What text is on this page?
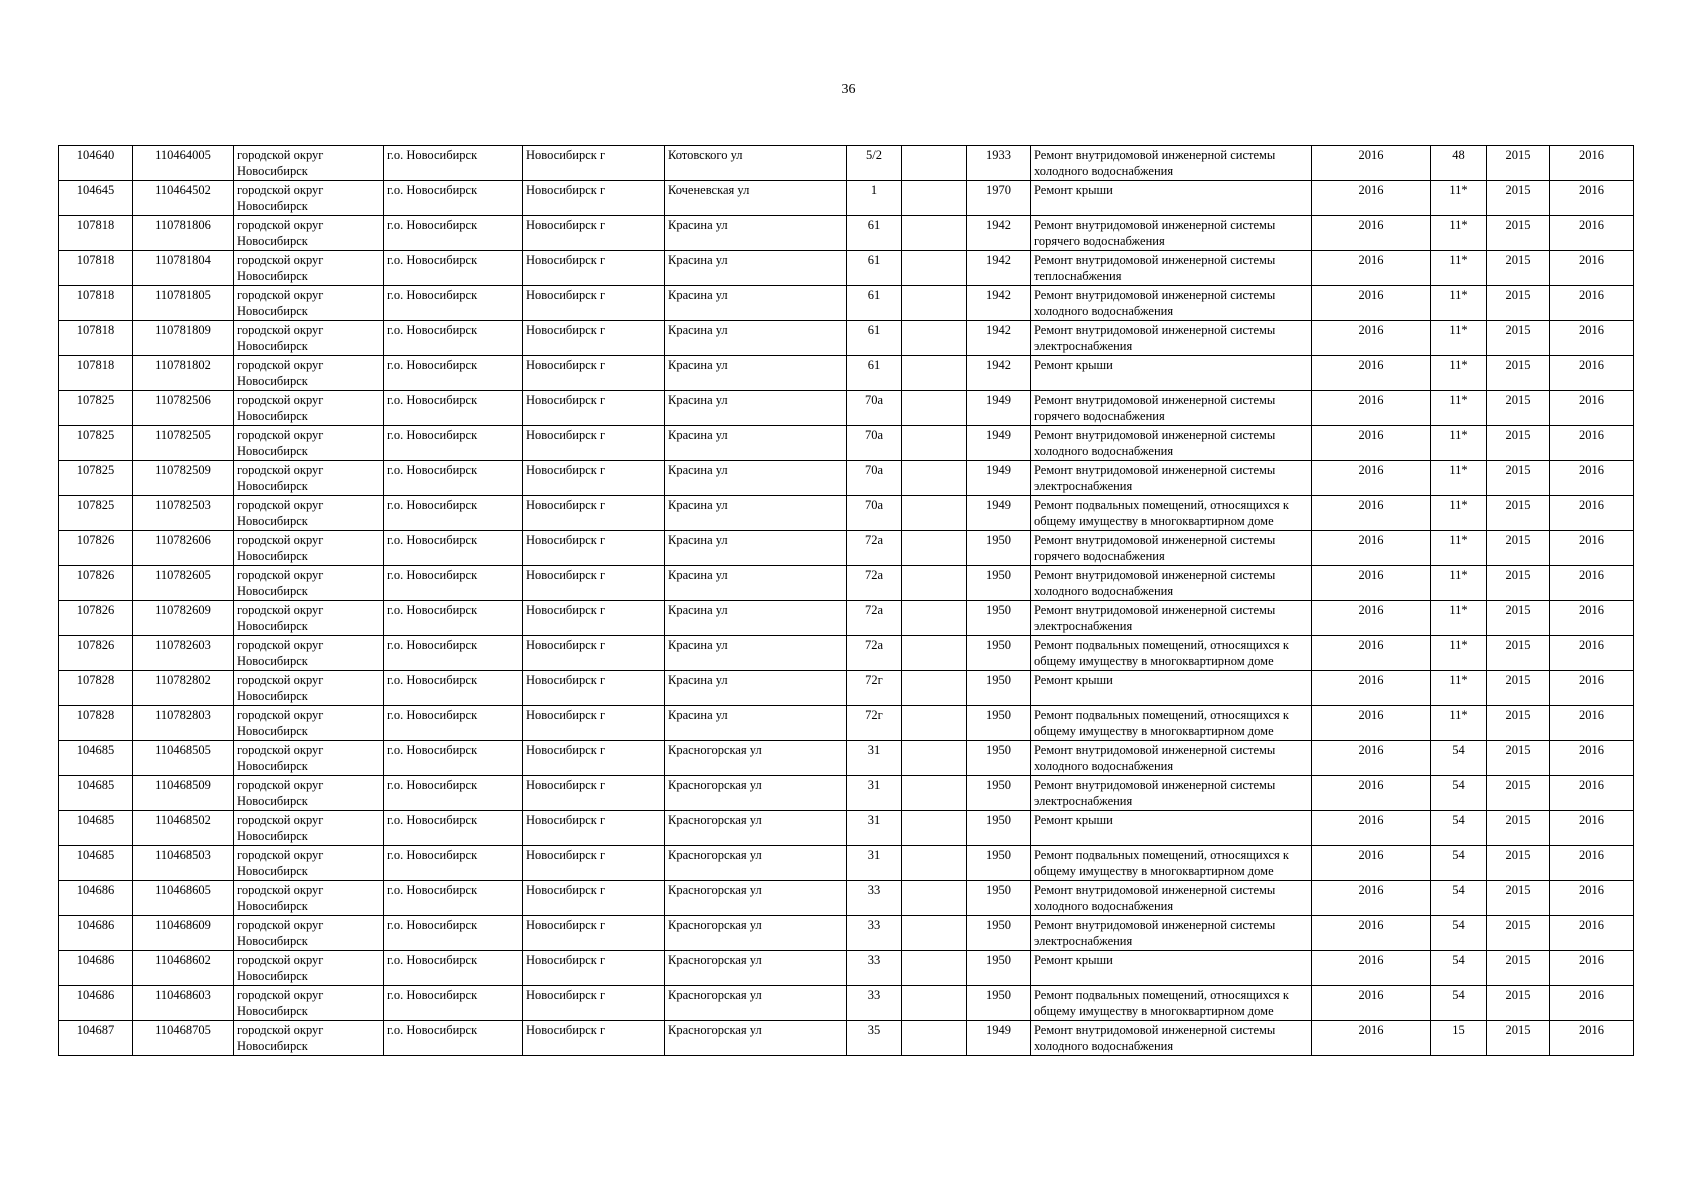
36
104640	110464005	городской округ Новосибирск	г.о. Новосибирск	Новосибирск г	Котовского ул	5/2		1933	Ремонт внутридомовой инженерной системы холодного водоснабжения	2016	48	2015	2016
104645	110464502	городской округ Новосибирск	г.о. Новосибирск	Новосибирск г	Коченевская ул	1		1970	Ремонт крыши	2016	11*	2015	2016
107818	110781806	городской округ Новосибирск	г.о. Новосибирск	Новосибирск г	Красина ул	61		1942	Ремонт внутридомовой инженерной системы горячего водоснабжения	2016	11*	2015	2016
107818	110781804	городской округ Новосибирск	г.о. Новосибирск	Новосибирск г	Красина ул	61		1942	Ремонт внутридомовой инженерной системы теплоснабжения	2016	11*	2015	2016
107818	110781805	городской округ Новосибирск	г.о. Новосибирск	Новосибирск г	Красина ул	61		1942	Ремонт внутридомовой инженерной системы холодного водоснабжения	2016	11*	2015	2016
107818	110781809	городской округ Новосибирск	г.о. Новосибирск	Новосибирск г	Красина ул	61		1942	Ремонт внутридомовой инженерной системы электроснабжения	2016	11*	2015	2016
107818	110781802	городской округ Новосибирск	г.о. Новосибирск	Новосибирск г	Красина ул	61		1942	Ремонт крыши	2016	11*	2015	2016
107825	110782506	городской округ Новосибирск	г.о. Новосибирск	Новосибирск г	Красина ул	70а		1949	Ремонт внутридомовой инженерной системы горячего водоснабжения	2016	11*	2015	2016
107825	110782505	городской округ Новосибирск	г.о. Новосибирск	Новосибирск г	Красина ул	70а		1949	Ремонт внутридомовой инженерной системы холодного водоснабжения	2016	11*	2015	2016
107825	110782509	городской округ Новосибирск	г.о. Новосибирск	Новосибирск г	Красина ул	70а		1949	Ремонт внутридомовой инженерной системы электроснабжения	2016	11*	2015	2016
107825	110782503	городской округ Новосибирск	г.о. Новосибирск	Новосибирск г	Красина ул	70а		1949	Ремонт подвальных помещений, относящихся к общему имуществу в многоквартирном доме	2016	11*	2015	2016
107826	110782606	городской округ Новосибирск	г.о. Новосибирск	Новосибирск г	Красина ул	72а		1950	Ремонт внутридомовой инженерной системы горячего водоснабжения	2016	11*	2015	2016
107826	110782605	городской округ Новосибирск	г.о. Новосибирск	Новосибирск г	Красина ул	72а		1950	Ремонт внутридомовой инженерной системы холодного водоснабжения	2016	11*	2015	2016
107826	110782609	городской округ Новосибирск	г.о. Новосибирск	Новосибирск г	Красина ул	72а		1950	Ремонт внутридомовой инженерной системы электроснабжения	2016	11*	2015	2016
107826	110782603	городской округ Новосибирск	г.о. Новосибирск	Новосибирск г	Красина ул	72а		1950	Ремонт подвальных помещений, относящихся к общему имуществу в многоквартирном доме	2016	11*	2015	2016
107828	110782802	городской округ Новосибирск	г.о. Новосибирск	Новосибирск г	Красина ул	72г		1950	Ремонт крыши	2016	11*	2015	2016
107828	110782803	городской округ Новосибирск	г.о. Новосибирск	Новосибирск г	Красина ул	72г		1950	Ремонт подвальных помещений, относящихся к общему имуществу в многоквартирном доме	2016	11*	2015	2016
104685	110468505	городской округ Новосибирск	г.о. Новосибирск	Новосибирск г	Красногорская ул	31		1950	Ремонт внутридомовой инженерной системы холодного водоснабжения	2016	54	2015	2016
104685	110468509	городской округ Новосибирск	г.о. Новосибирск	Новосибирск г	Красногорская ул	31		1950	Ремонт внутридомовой инженерной системы электроснабжения	2016	54	2015	2016
104685	110468502	городской округ Новосибирск	г.о. Новосибирск	Новосибирск г	Красногорская ул	31		1950	Ремонт крыши	2016	54	2015	2016
104685	110468503	городской округ Новосибирск	г.о. Новосибирск	Новосибирск г	Красногорская ул	31		1950	Ремонт подвальных помещений, относящихся к общему имуществу в многоквартирном доме	2016	54	2015	2016
104686	110468605	городской округ Новосибирск	г.о. Новосибирск	Новосибирск г	Красногорская ул	33		1950	Ремонт внутридомовой инженерной системы холодного водоснабжения	2016	54	2015	2016
104686	110468609	городской округ Новосибирск	г.о. Новосибирск	Новосибирск г	Красногорская ул	33		1950	Ремонт внутридомовой инженерной системы электроснабжения	2016	54	2015	2016
104686	110468602	городской округ Новосибирск	г.о. Новосибирск	Новосибирск г	Красногорская ул	33		1950	Ремонт крыши	2016	54	2015	2016
104686	110468603	городской округ Новосибирск	г.о. Новосибирск	Новосибирск г	Красногорская ул	33		1950	Ремонт подвальных помещений, относящихся к общему имуществу в многоквартирном доме	2016	54	2015	2016
104687	110468705	городской округ Новосибирск	г.о. Новосибирск	Новосибирск г	Красногорская ул	35		1949	Ремонт внутридомовой инженерной системы холодного водоснабжения	2016	15	2015	2016
